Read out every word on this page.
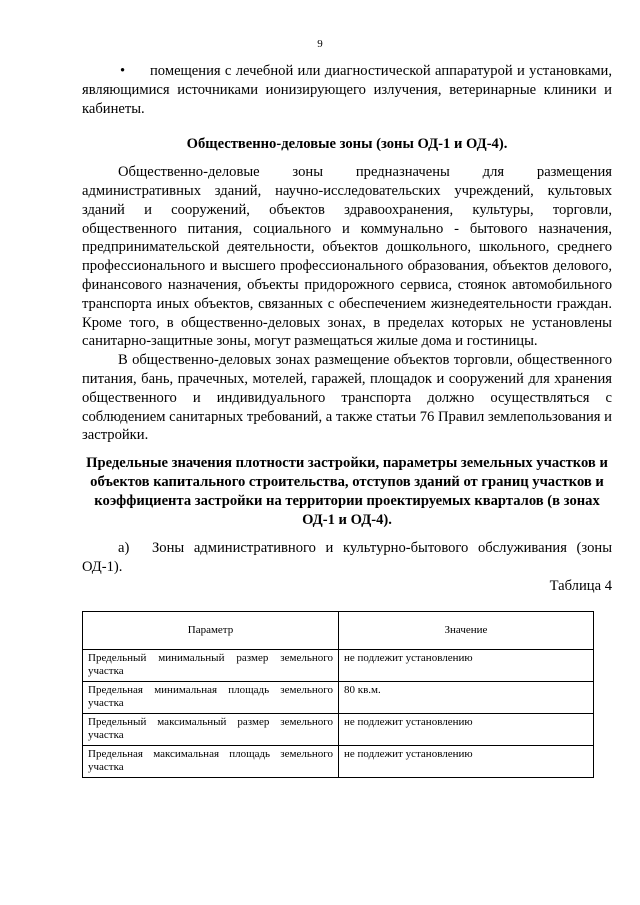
9

• помещения с лечебной или диагностической аппаратурой и установками, являющимися источниками ионизирующего излучения, ветеринарные клиники и кабинеты.

Общественно-деловые зоны (зоны ОД-1 и ОД-4).

Общественно-деловые зоны предназначены для размещения административных зданий, научно-исследовательских учреждений, культовых зданий и сооружений, объектов здравоохранения, культуры, торговли, общественного питания, социального и коммунально - бытового назначения, предпринимательской деятельности, объектов дошкольного, школьного, среднего профессионального и высшего профессионального образования, объектов делового, финансового назначения, объекты придорожного сервиса, стоянок автомобильного транспорта иных объектов, связанных с обеспечением жизнедеятельности граждан. Кроме того, в общественно-деловых зонах, в пределах которых не установлены санитарно-защитные зоны, могут размещаться жилые дома и гостиницы.

В общественно-деловых зонах размещение объектов торговли, общественного питания, бань, прачечных, мотелей, гаражей, площадок и сооружений для хранения общественного и индивидуального транспорта должно осуществляться с соблюдением санитарных требований, а также статьи 76 Правил землепользования и застройки.

Предельные значения плотности застройки, параметры земельных участков и объектов капитального строительства, отступов зданий от границ участков и коэффициента застройки на территории проектируемых кварталов (в зонах ОД-1 и ОД-4).

а) Зоны административного и культурно-бытового обслуживания (зоны ОД-1).

Таблица 4

Параметр	Значение
Предельный минимальный размер земельного участка	не подлежит установлению
Предельная минимальная площадь земельного участка	80 кв.м.
Предельный максимальный размер земельного участка	не подлежит установлению
Предельная максимальная площадь земельного участка	не подлежит установлению
